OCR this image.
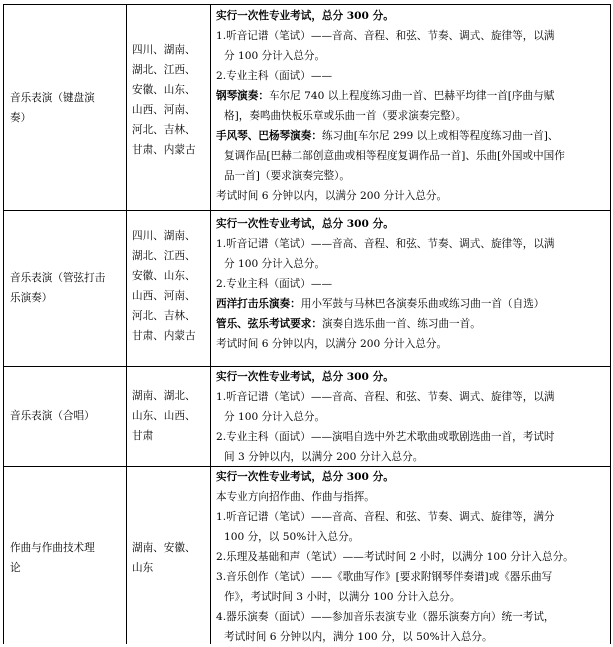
音乐表演（键盘演
奏）
四川、湖南、
湖北、江西、
安徽、山东、
山西、河南、
河北、吉林、
甘肃、内蒙古
实行一次性专业考试，总分 300 分。
1.听音记谱（笔试）——音高、音程、和弦、节奏、调式、旋律等，以满
分 100 分计入总分。
2.专业主科（面试）——
钢琴演奏：车尔尼 740 以上程度练习曲一首、巴赫平均律一首[序曲与赋
格]，奏鸣曲快板乐章或乐曲一首（要求演奏完整）。
手风琴、巴杨琴演奏：练习曲[车尔尼 299 以上或相等程度练习曲一首]、
复调作品[巴赫二部创意曲或相等程度复调作品一首]、乐曲[外国或中国作
品一首]（要求演奏完整）。
考试时间 6 分钟以内，以满分 200 分计入总分。
音乐表演（管弦打击
乐演奏）
四川、湖南、
湖北、江西、
安徽、山东、
山西、河南、
河北、吉林、
甘肃、内蒙古
实行一次性专业考试，总分 300 分。
1.听音记谱（笔试）——音高、音程、和弦、节奏、调式、旋律等，以满
分 100 分计入总分。
2.专业主科（面试）——
西洋打击乐演奏：用小军鼓与马林巴各演奏乐曲或练习曲一首（自选）
管乐、弦乐考试要求：演奏自选乐曲一首、练习曲一首。
考试时间 6 分钟以内，以满分 200 分计入总分。
音乐表演（合唱）
湖南、湖北、
山东、山西、
甘肃
实行一次性专业考试，总分 300 分。
1.听音记谱（笔试）——音高、音程、和弦、节奏、调式、旋律等，以满
分 100 分计入总分。
2.专业主科（面试）——演唱自选中外艺术歌曲或歌剧选曲一首，考试时
间 3 分钟以内，以满分 200 分计入总分。
作曲与作曲技术理
论
湖南、安徽、
山东
实行一次性专业考试，总分 300 分。
本专业方向招作曲、作曲与指挥。
1.听音记谱（笔试）——音高、音程、和弦、节奏、调式、旋律等，满分
100 分，以 50%计入总分。
2.乐理及基础和声（笔试）——考试时间 2 小时，以满分 100 分计入总分。
3.音乐创作（笔试）——《歌曲写作》[要求附钢琴伴奏谱]或《器乐曲写
作》，考试时间 3 小时，以满分 100 分计入总分。
4.器乐演奏（面试）——参加音乐表演专业（器乐演奏方向）统一考试，
考试时间 6 分钟以内，满分 100 分，以 50%计入总分。
